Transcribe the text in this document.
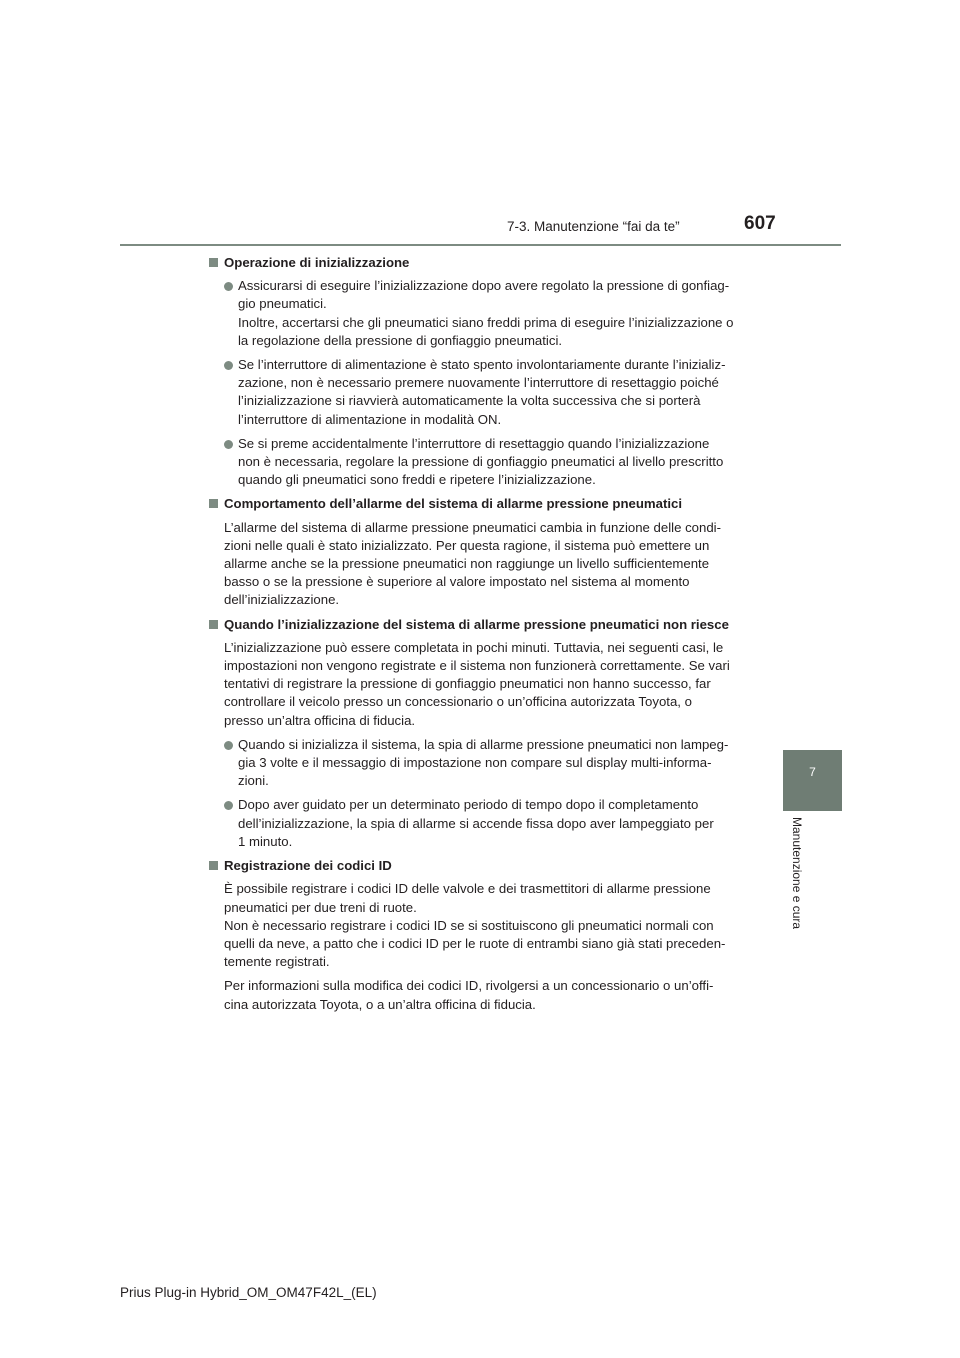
7-3. Manutenzione “fai da te”	607
7
Manutenzione e cura
Operazione di inizializzazione
Assicurarsi di eseguire l’inizializzazione dopo avere regolato la pressione di gonfiag-
gio pneumatici.
Inoltre, accertarsi che gli pneumatici siano freddi prima di eseguire l’inizializzazione o
la regolazione della pressione di gonfiaggio pneumatici.
Se l’interruttore di alimentazione è stato spento involontariamente durante l’inizializ-
zazione, non è necessario premere nuovamente l’interruttore di resettaggio poiché
l’inizializzazione si riavvierà automaticamente la volta successiva che si porterà
l’interruttore di alimentazione in modalità ON.
Se si preme accidentalmente l’interruttore di resettaggio quando l’inizializzazione
non è necessaria, regolare la pressione di gonfiaggio pneumatici al livello prescritto
quando gli pneumatici sono freddi e ripetere l’inizializzazione.
Comportamento dell’allarme del sistema di allarme pressione pneumatici
L’allarme del sistema di allarme pressione pneumatici cambia in funzione delle condi-
zioni nelle quali è stato inizializzato. Per questa ragione, il sistema può emettere un
allarme anche se la pressione pneumatici non raggiunge un livello sufficientemente
basso o se la pressione è superiore al valore impostato nel sistema al momento
dell’inizializzazione.
Quando l’inizializzazione del sistema di allarme pressione pneumatici non riesce
L’inizializzazione può essere completata in pochi minuti. Tuttavia, nei seguenti casi, le
impostazioni non vengono registrate e il sistema non funzionerà correttamente. Se vari
tentativi di registrare la pressione di gonfiaggio pneumatici non hanno successo, far
controllare il veicolo presso un concessionario o un’officina autorizzata Toyota, o
presso un’altra officina di fiducia.
Quando si inizializza il sistema, la spia di allarme pressione pneumatici non lampeg-
gia 3 volte e il messaggio di impostazione non compare sul display multi-informa-
zioni.
Dopo aver guidato per un determinato periodo di tempo dopo il completamento
dell’inizializzazione, la spia di allarme si accende fissa dopo aver lampeggiato per
1 minuto.
Registrazione dei codici ID
È possibile registrare i codici ID delle valvole e dei trasmettitori di allarme pressione
pneumatici per due treni di ruote.
Non è necessario registrare i codici ID se si sostituiscono gli pneumatici normali con
quelli da neve, a patto che i codici ID per le ruote di entrambi siano già stati preceden-
temente registrati.
Per informazioni sulla modifica dei codici ID, rivolgersi a un concessionario o un’offi-
cina autorizzata Toyota, o a un’altra officina di fiducia.
Prius Plug-in Hybrid_OM_OM47F42L_(EL)
